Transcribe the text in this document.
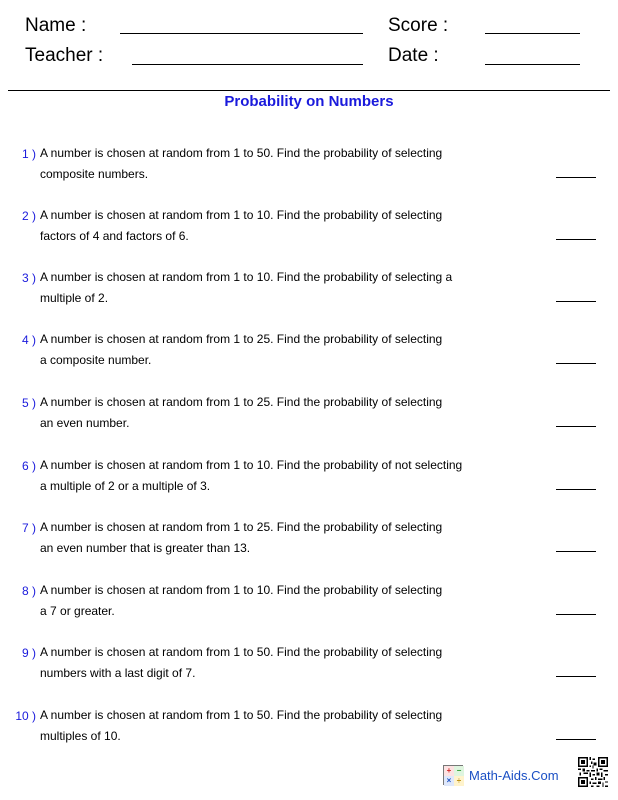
Name :	Score :
Teacher :	Date :
Probability on Numbers
1 ) A number is chosen at random from 1 to 50. Find the probability of selecting
composite numbers.
2 ) A number is chosen at random from 1 to 10. Find the probability of selecting
factors of 4 and factors of 6.
3 ) A number is chosen at random from 1 to 10. Find the probability of selecting a
multiple of 2.
4 ) A number is chosen at random from 1 to 25. Find the probability of selecting
a composite number.
5 ) A number is chosen at random from 1 to 25. Find the probability of selecting
an even number.
6 ) A number is chosen at random from 1 to 10. Find the probability of not selecting
a multiple of 2 or a multiple of 3.
7 ) A number is chosen at random from 1 to 25. Find the probability of selecting
an even number that is greater than 13.
8 ) A number is chosen at random from 1 to 10. Find the probability of selecting
a 7 or greater.
9 ) A number is chosen at random from 1 to 50. Find the probability of selecting
numbers with a last digit of 7.
10 ) A number is chosen at random from 1 to 50. Find the probability of selecting
multiples of 10.
+ −
× ÷ Math-Aids.Com
